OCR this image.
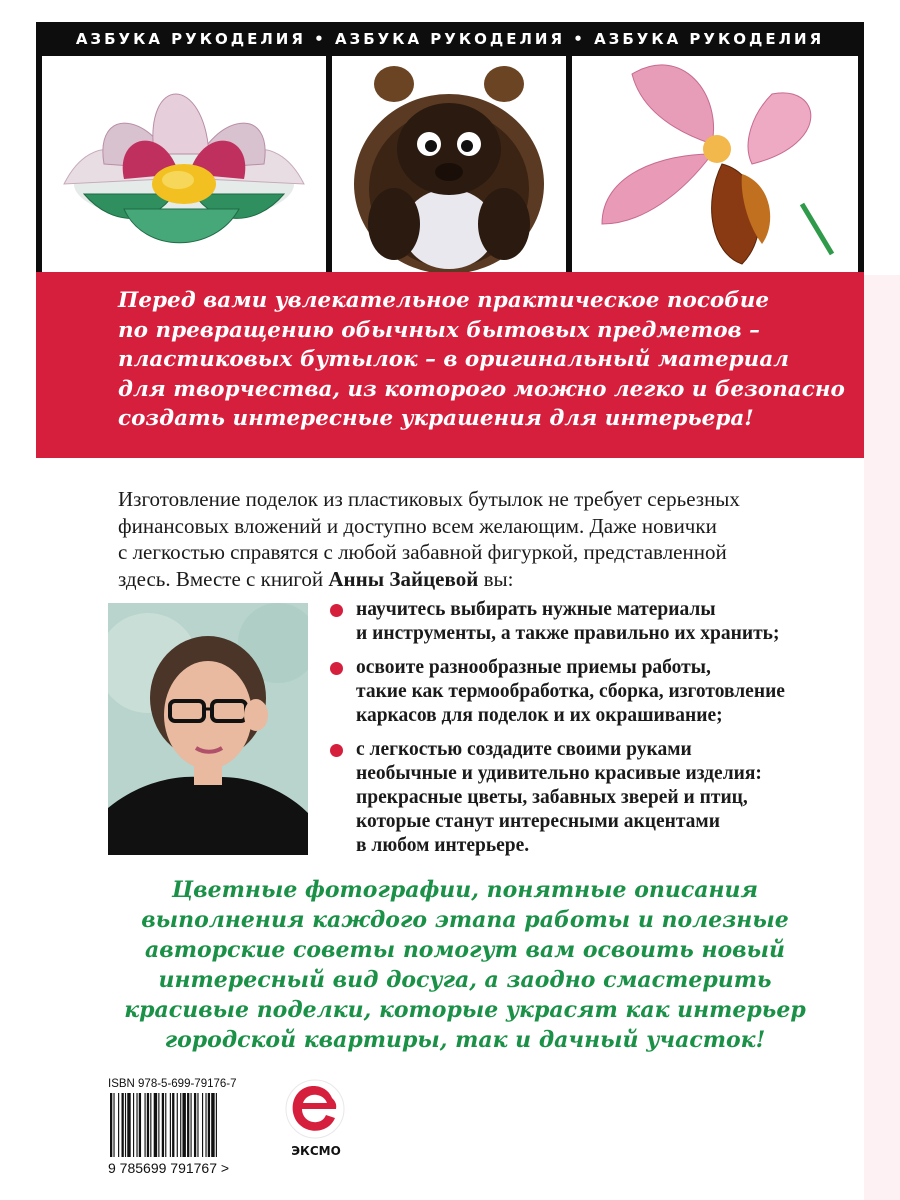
АЗБУКА РУКОДЕЛИЯ • АЗБУКА РУКОДЕЛИЯ • АЗБУКА РУКОДЕЛИЯ
Перед вами увлекательное практическое пособие
по превращению обычных бытовых предметов –
пластиковых бутылок – в оригинальный материал
для творчества, из которого можно легко и безопасно
создать интересные украшения для интерьера!
Изготовление поделок из пластиковых бутылок не требует серьезных
финансовых вложений и доступно всем желающим. Даже новички
с легкостью справятся с любой забавной фигуркой, представленной
здесь. Вместе с книгой Анны Зайцевой вы:
научитесь выбирать нужные материалы
и инструменты, а также правильно их хранить;
освоите разнообразные приемы работы,
такие как термообработка, сборка, изготовление
каркасов для поделок и их окрашивание;
с легкостью создадите своими руками
необычные и удивительно красивые изделия:
прекрасные цветы, забавных зверей и птиц,
которые станут интересными акцентами
в любом интерьере.
Цветные фотографии, понятные описания
выполнения каждого этапа работы и полезные
авторские советы помогут вам освоить новый
интересный вид досуга, а заодно смастерить
красивые поделки, которые украсят как интерьер
городской квартиры, так и дачный участок!
ISBN 978-5-699-79176-7
9 785699 791767 >
ЭКСМО
